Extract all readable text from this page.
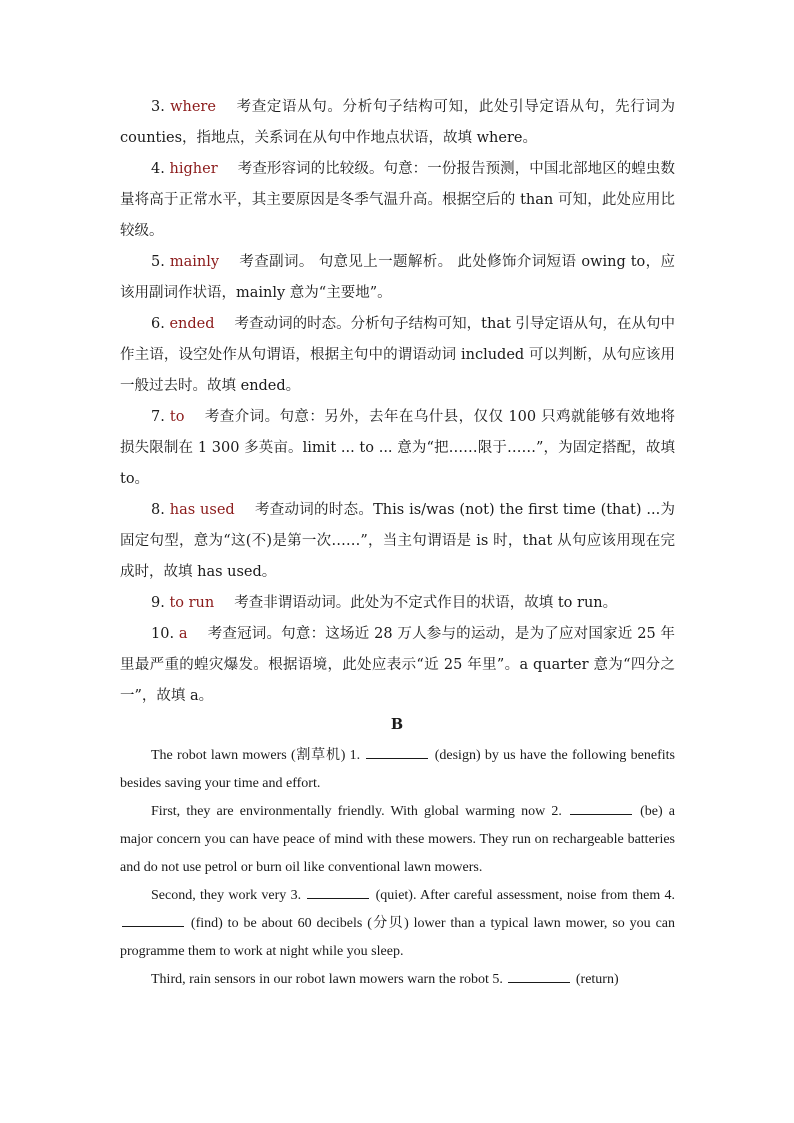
3. where 考查定语从句。分析句子结构可知，此处引导定语从句，先行词为 counties，指地点，关系词在从句中作地点状语，故填 where。

4. higher 考查形容词的比较级。句意：一份报告预测，中国北部地区的蝗虫数量将高于正常水平，其主要原因是冬季气温升高。根据空后的 than 可知，此处应用比较级。

5. mainly 考查副词。 句意见上一题解析。 此处修饰介词短语 owing to，应该用副词作状语，mainly 意为“主要地”。

6. ended 考查动词的时态。分析句子结构可知，that 引导定语从句，在从句中作主语，设空处作从句谓语，根据主句中的谓语动词 included 可以判断，从句应该用一般过去时。故填 ended。

7. to 考查介词。句意：另外，去年在乌什县，仅仅 100 只鸡就能够有效地将损失限制在 1 300 多英亩。limit ... to ... 意为“把……限于……”，为固定搭配，故填 to。

8. has used 考查动词的时态。This is/was (not) the first time (that) ...为固定句型，意为“这(不)是第一次……”，当主句谓语是 is 时，that 从句应该用现在完成时，故填 has used。

9. to run 考查非谓语动词。此处为不定式作目的状语，故填 to run。

10. a 考查冠词。句意：这场近 28 万人参与的运动，是为了应对国家近 25 年里最严重的蝗灾爆发。根据语境，此处应表示“近 25 年里”。a quarter 意为“四分之一”，故填 a。

B

The robot lawn mowers (割草机) 1.	(design) by us have the following benefits besides saving your time and effort.

First, they are environmentally friendly. With global warming now 2.	(be) a major concern you can have peace of mind with these mowers. They run on rechargeable batteries and do not use petrol or burn oil like conventional lawn mowers.

Second, they work very 3.	(quiet). After careful assessment, noise from them 4.  (find) to be about 60 decibels (分贝) lower than a typical lawn mower, so you can programme them to work at night while you sleep.

Third, rain sensors in our robot lawn mowers warn the robot 5.	(return)
